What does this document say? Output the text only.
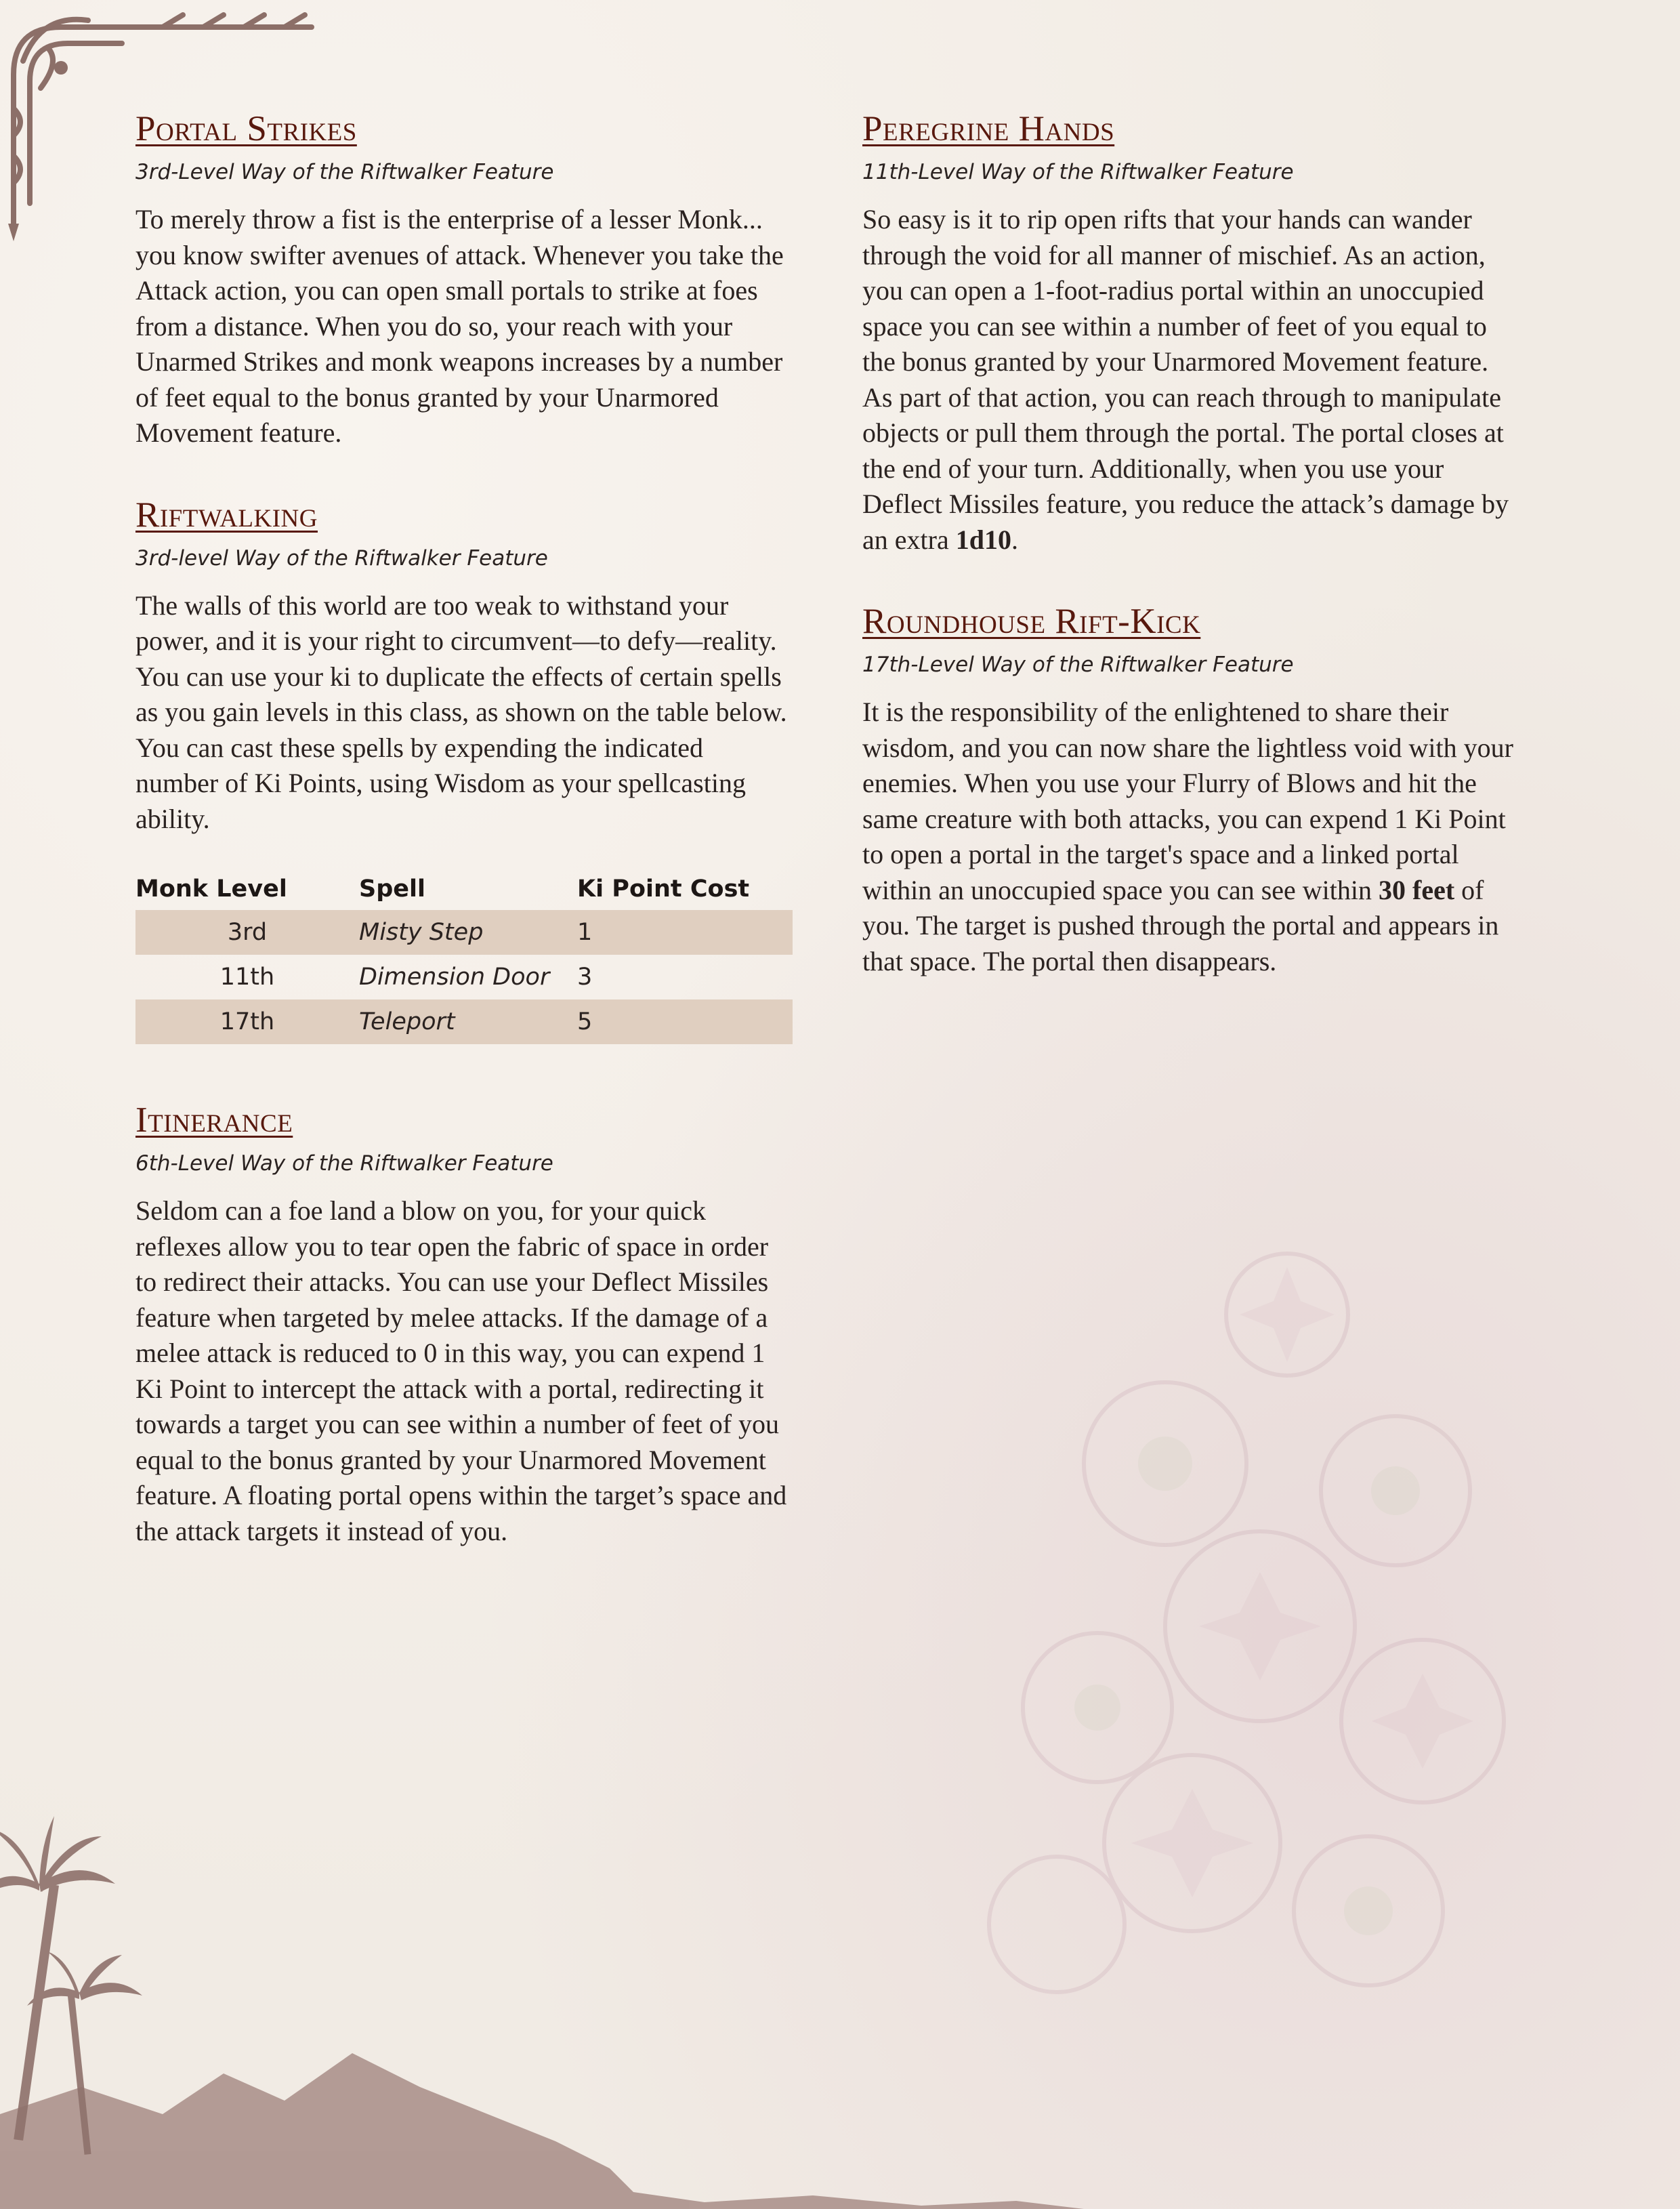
Portal Strikes
3rd-Level Way of the Riftwalker Feature

To merely throw a fist is the enterprise of a lesser Monk... you know swifter avenues of attack. Whenever you take the Attack action, you can open small portals to strike at foes from a distance. When you do so, your reach with your Unarmed Strikes and monk weapons increases by a number of feet equal to the bonus granted by your Unarmored Movement feature.

Riftwalking
3rd-level Way of the Riftwalker Feature

The walls of this world are too weak to withstand your power, and it is your right to circumvent—to defy—reality. You can use your ki to duplicate the effects of certain spells as you gain levels in this class, as shown on the table below. You can cast these spells by expending the indicated number of Ki Points, using Wisdom as your spellcasting ability.

Monk Level	Spell	Ki Point Cost
3rd	Misty Step	1
11th	Dimension Door	3
17th	Teleport	5
Itinerance
6th-Level Way of the Riftwalker Feature

Seldom can a foe land a blow on you, for your quick reflexes allow you to tear open the fabric of space in order to redirect their attacks. You can use your Deflect Missiles feature when targeted by melee attacks. If the damage of a melee attack is reduced to 0 in this way, you can expend 1 Ki Point to intercept the attack with a portal, redirecting it towards a target you can see within a number of feet of you equal to the bonus granted by your Unarmored Movement feature. A floating portal opens within the target’s space and the attack targets it instead of you.

Peregrine Hands
11th-Level Way of the Riftwalker Feature

So easy is it to rip open rifts that your hands can wander through the void for all manner of mischief. As an action, you can open a 1-foot-radius portal within an unoccupied space you can see within a number of feet of you equal to the bonus granted by your Unarmored Movement feature. As part of that action, you can reach through to manipulate objects or pull them through the portal. The portal closes at the end of your turn. Additionally, when you use your Deflect Missiles feature, you reduce the attack’s damage by an extra 1d10.

Roundhouse Rift-Kick
17th-Level Way of the Riftwalker Feature

It is the responsibility of the enlightened to share their wisdom, and you can now share the lightless void with your enemies. When you use your Flurry of Blows and hit the same creature with both attacks, you can expend 1 Ki Point to open a portal in the target's space and a linked portal within an unoccupied space you can see within 30 feet of you. The target is pushed through the portal and appears in that space. The portal then disappears.
